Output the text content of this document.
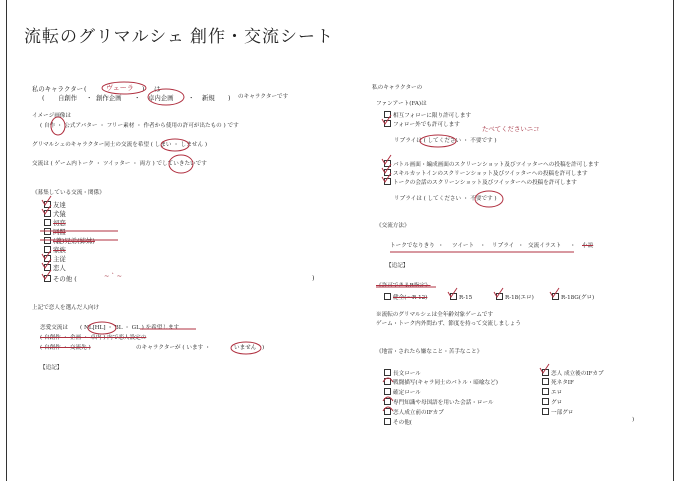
流転のグリマルシェ 創作・交流シート
私のキャラクター (	ヴェーラ ) は
( 自創作 ・ 創作企画 ・ 卓内企画 ・ 新規 ) のキャラクターです
イメージ画像は
( 自作 ・ 公式アバター ・ フリー素材 ・ 作者から使用の許可が出たもの ) です
グリマルシェのキャラクター同士の交流を希望 ( しまい ・ しません )
交流は ( ゲーム内トーク ・ ツイッター ・ 両方 ) でしていきたいです
《募集している交流・関係》
友達
犬猿
初恋
同盟
(義)兄弟(姉妹)
家族
主従
恋人
その他 (	~ ` ~	)
上記で恋人を選んだ人向け
恋愛交流は ( NL[HL] ・ BL ・ GL ) を希望します
( 自創作 ・ 企画 ・ 卓内 ) 内で恋人設定の
( 自創作 ・ 交流先 )	のキャラクターが ( います ・	いません )
【追記】
私のキャラクターの
ファンアート(FA)は
相互フォローに限り許可します
フォロー外でも許可します	たべてくださいニコ
リプライは ( してください ・ 不要です )
バトル画面・編成画面のスクリーンショット及びツイッターへの投稿を許可します
スキルカットインのスクリーンショット及びツイッターへの投稿を許可します
トークの会話のスクリーンショット及びツイッターへの投稿を許可します
リプライは ( してください ・ 不要です )
《交流方法》
トークでなりきり ・ ツイート ・ リプライ ・ 交流イラスト ・ 小説
【追記】
《許可できるR指定》
健全(〜R-12)	R-15	R-18(エロ)	R-18G(グロ)
※流転のグリマルシェは全年齢対象ゲームです
ゲーム・トーク内外問わず、節度を持って交流しましょう
《地雷・されたら嫌なこと・苦手なこと》
長文ロール
戦闘描写(キャラ同士のバトル・暗喩など)
確定ロール
専門知識や母国語を用いた会話・ロール
恋人成立前のIFカプ
その他(	)
恋人 成立後のIFカプ
死ネタIF
エロ
グロ
一部グロ
